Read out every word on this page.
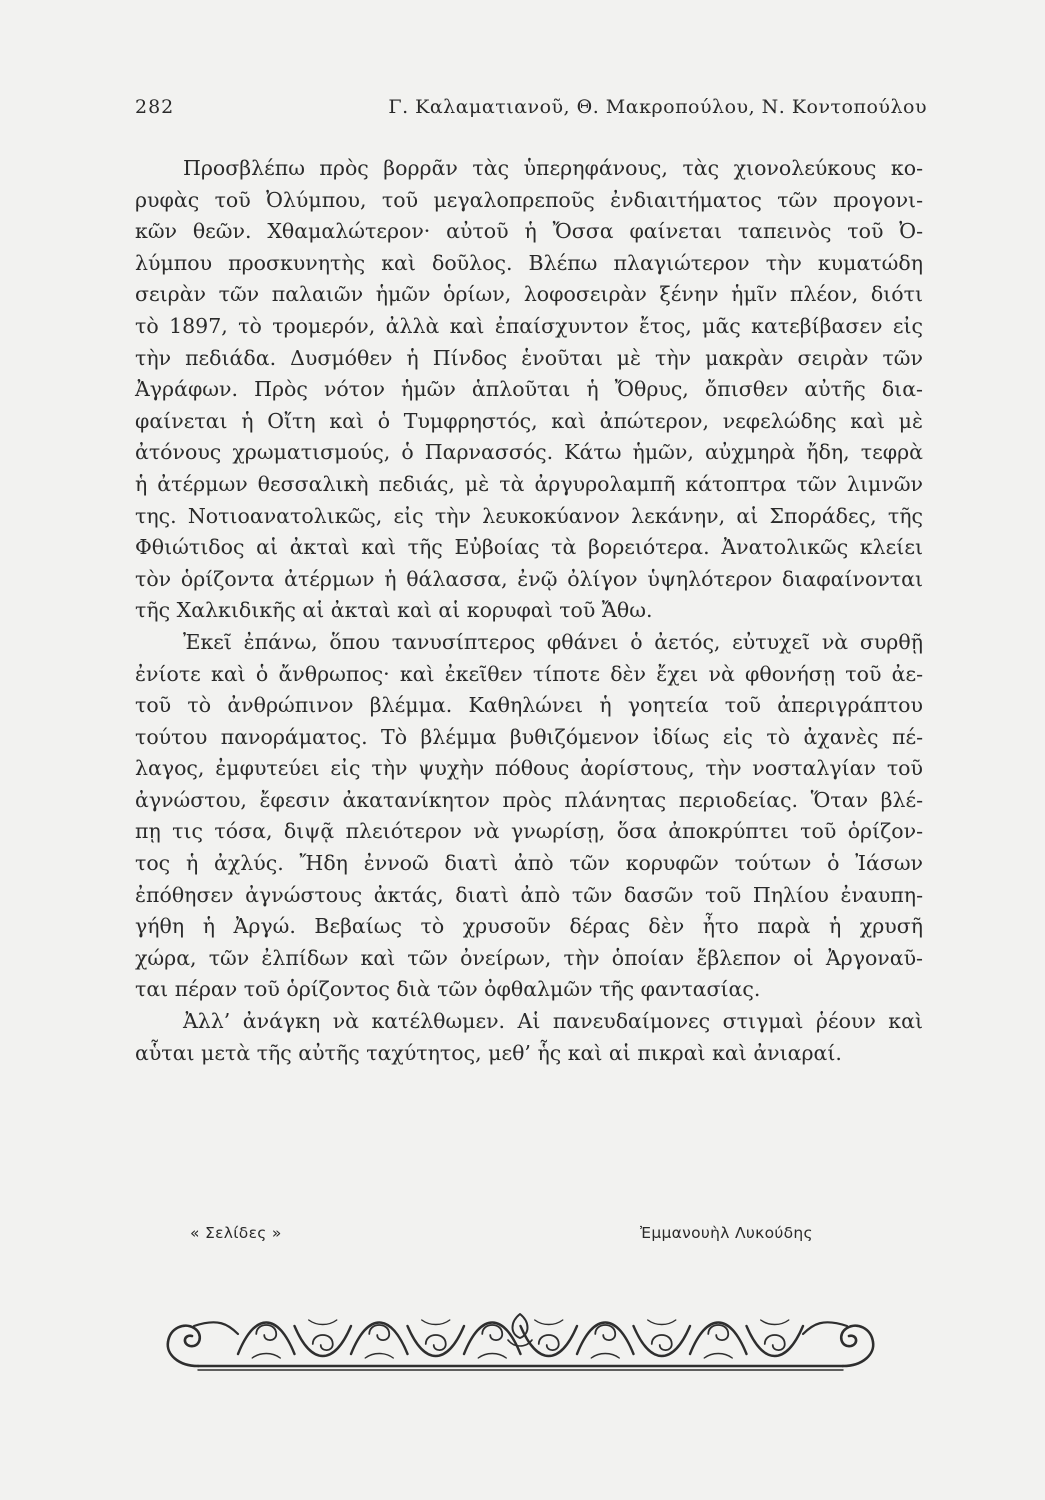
282	Γ. Καλαματιανοῦ, Θ. Μακροπούλου, Ν. Κοντοπούλου
Προσβλέπω πρὸς βορρᾶν τὰς ὑπερηφάνους, τὰς χιονολεύκους κο-
ρυφὰς τοῦ Ὀλύμπου, τοῦ μεγαλοπρεποῦς ἐνδιαιτήματος τῶν προγονι-
κῶν θεῶν. Χθαμαλώτερον· αὐτοῦ ἡ Ὄσσα φαίνεται ταπεινὸς τοῦ Ὀ-
λύμπου προσκυνητὴς καὶ δοῦλος. Βλέπω πλαγιώτερον τὴν κυματώδη
σειρὰν τῶν παλαιῶν ἡμῶν ὁρίων, λοφοσειρὰν ξένην ἡμῖν πλέον, διότι
τὸ 1897, τὸ τρομερόν, ἀλλὰ καὶ ἐπαίσχυντον ἔτος, μᾶς κατεβίβασεν εἰς
τὴν πεδιάδα. Δυσμόθεν ἡ Πίνδος ἑνοῦται μὲ τὴν μακρὰν σειρὰν τῶν
Ἀγράφων. Πρὸς νότον ἡμῶν ἁπλοῦται ἡ Ὄθρυς, ὄπισθεν αὐτῆς δια-
φαίνεται ἡ Οἴτη καὶ ὁ Τυμφρηστός, καὶ ἀπώτερον, νεφελώδης καὶ μὲ
ἀτόνους χρωματισμούς, ὁ Παρνασσός. Κάτω ἡμῶν, αὐχμηρὰ ἤδη, τεφρὰ
ἡ ἀτέρμων θεσσαλικὴ πεδιάς, μὲ τὰ ἀργυρολαμπῆ κάτοπτρα τῶν λιμνῶν
της. Νοτιοανατολικῶς, εἰς τὴν λευκοκύανον λεκάνην, αἱ Σποράδες, τῆς
Φθιώτιδος αἱ ἀκταὶ καὶ τῆς Εὐβοίας τὰ βορειότερα. Ἀνατολικῶς κλείει
τὸν ὁρίζοντα ἀτέρμων ἡ θάλασσα, ἐνῷ ὀλίγον ὑψηλότερον διαφαίνονται
τῆς Χαλκιδικῆς αἱ ἀκταὶ καὶ αἱ κορυφαὶ τοῦ Ἄθω.
Ἐκεῖ ἐπάνω, ὅπου τανυσίπτερος φθάνει ὁ ἀετός, εὐτυχεῖ νὰ συρθῇ
ἐνίοτε καὶ ὁ ἄνθρωπος· καὶ ἐκεῖθεν τίποτε δὲν ἔχει νὰ φθονήσῃ τοῦ ἀε-
τοῦ τὸ ἀνθρώπινον βλέμμα. Καθηλώνει ἡ γοητεία τοῦ ἀπεριγράπτου
τούτου πανοράματος. Τὸ βλέμμα βυθιζόμενον ἰδίως εἰς τὸ ἀχανὲς πέ-
λαγος, ἐμφυτεύει εἰς τὴν ψυχὴν πόθους ἀορίστους, τὴν νοσταλγίαν τοῦ
ἀγνώστου, ἔφεσιν ἀκατανίκητον πρὸς πλάνητας περιοδείας. Ὅταν βλέ-
πῃ τις τόσα, διψᾷ πλειότερον νὰ γνωρίσῃ, ὅσα ἀποκρύπτει τοῦ ὁρίζον-
τος ἡ ἀχλύς. Ἤδη ἐννοῶ διατὶ ἀπὸ τῶν κορυφῶν τούτων ὁ Ἰάσων
ἐπόθησεν ἀγνώστους ἀκτάς, διατὶ ἀπὸ τῶν δασῶν τοῦ Πηλίου ἐναυπη-
γήθη ἡ Ἀργώ. Βεβαίως τὸ χρυσοῦν δέρας δὲν ἦτο παρὰ ἡ χρυσῆ
χώρα, τῶν ἐλπίδων καὶ τῶν ὀνείρων, τὴν ὁποίαν ἔβλεπον οἱ Ἀργοναῦ-
ται πέραν τοῦ ὁρίζοντος διὰ τῶν ὀφθαλμῶν τῆς φαντασίας.
Ἀλλ’ ἀνάγκη νὰ κατέλθωμεν. Αἱ πανευδαίμονες στιγμαὶ ῥέουν καὶ
αὗται μετὰ τῆς αὐτῆς ταχύτητος, μεθ’ ἧς καὶ αἱ πικραὶ καὶ ἀνιαραί.
« Σελίδες »	Ἐμμανουὴλ Λυκούδης
